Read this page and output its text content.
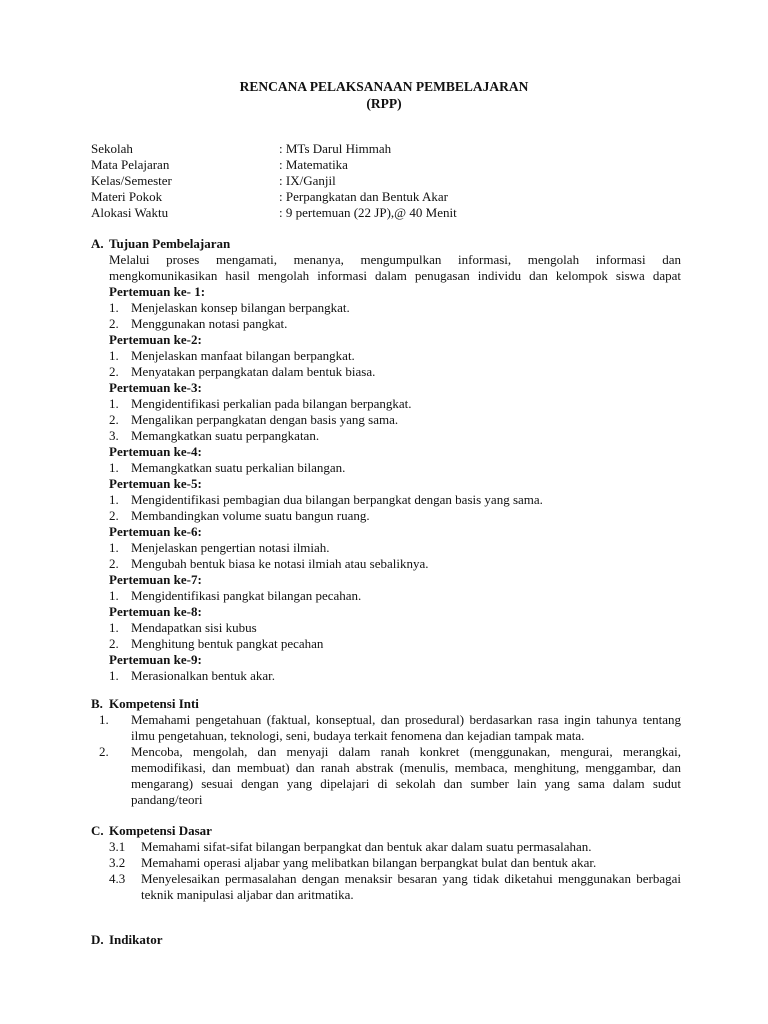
RENCANA PELAKSANAAN PEMBELAJARAN

(RPP)

Sekolah	: MTs Darul Himmah
Mata Pelajaran	: Matematika
Kelas/Semester	: IX/Ganjil
Materi Pokok	: Perpangkatan dan Bentuk Akar
Alokasi Waktu	: 9 pertemuan (22 JP),@ 40 Menit

A. Tujuan Pembelajaran

Melalui proses mengamati, menanya, mengumpulkan informasi, mengolah informasi dan

mengkomunikasikan hasil mengolah informasi dalam penugasan individu dan kelompok siswa dapat

Pertemuan ke- 1:
1. Menjelaskan konsep bilangan berpangkat.
2. Menggunakan notasi pangkat.
Pertemuan ke-2:
1. Menjelaskan manfaat bilangan berpangkat.
2. Menyatakan perpangkatan dalam bentuk biasa.
Pertemuan ke-3:
1. Mengidentifikasi perkalian pada bilangan berpangkat.
2. Mengalikan perpangkatan dengan basis yang sama.
3. Memangkatkan suatu perpangkatan.
Pertemuan ke-4:
1. Memangkatkan suatu perkalian bilangan.
Pertemuan ke-5:
1. Mengidentifikasi pembagian dua bilangan berpangkat dengan basis yang sama.
2. Membandingkan volume suatu bangun ruang.
Pertemuan ke-6:
1. Menjelaskan pengertian notasi ilmiah.
2. Mengubah bentuk biasa ke notasi ilmiah atau sebaliknya.
Pertemuan ke-7:
1. Mengidentifikasi pangkat bilangan pecahan.
Pertemuan ke-8:
1. Mendapatkan sisi kubus
2. Menghitung bentuk pangkat pecahan
Pertemuan ke-9:
1. Merasionalkan bentuk akar.

B. Kompetensi Inti

1.	Memahami pengetahuan (faktual, konseptual, dan prosedural) berdasarkan rasa ingin tahunya tentang ilmu pengetahuan, teknologi, seni, budaya terkait fenomena dan kejadian tampak mata.
2.	Mencoba, mengolah, dan menyaji dalam ranah konkret (menggunakan, mengurai, merangkai, memodifikasi, dan membuat) dan ranah abstrak (menulis, membaca, menghitung, menggambar, dan mengarang) sesuai dengan yang dipelajari di sekolah dan sumber lain yang sama dalam sudut pandang/teori

C. Kompetensi Dasar

3.1	Memahami sifat-sifat bilangan berpangkat dan bentuk akar dalam suatu permasalahan.
3.2	Memahami operasi aljabar yang melibatkan bilangan berpangkat bulat dan bentuk akar.
4.3	Menyelesaikan permasalahan dengan menaksir besaran yang tidak diketahui menggunakan berbagai teknik manipulasi aljabar dan aritmatika.

D. Indikator
